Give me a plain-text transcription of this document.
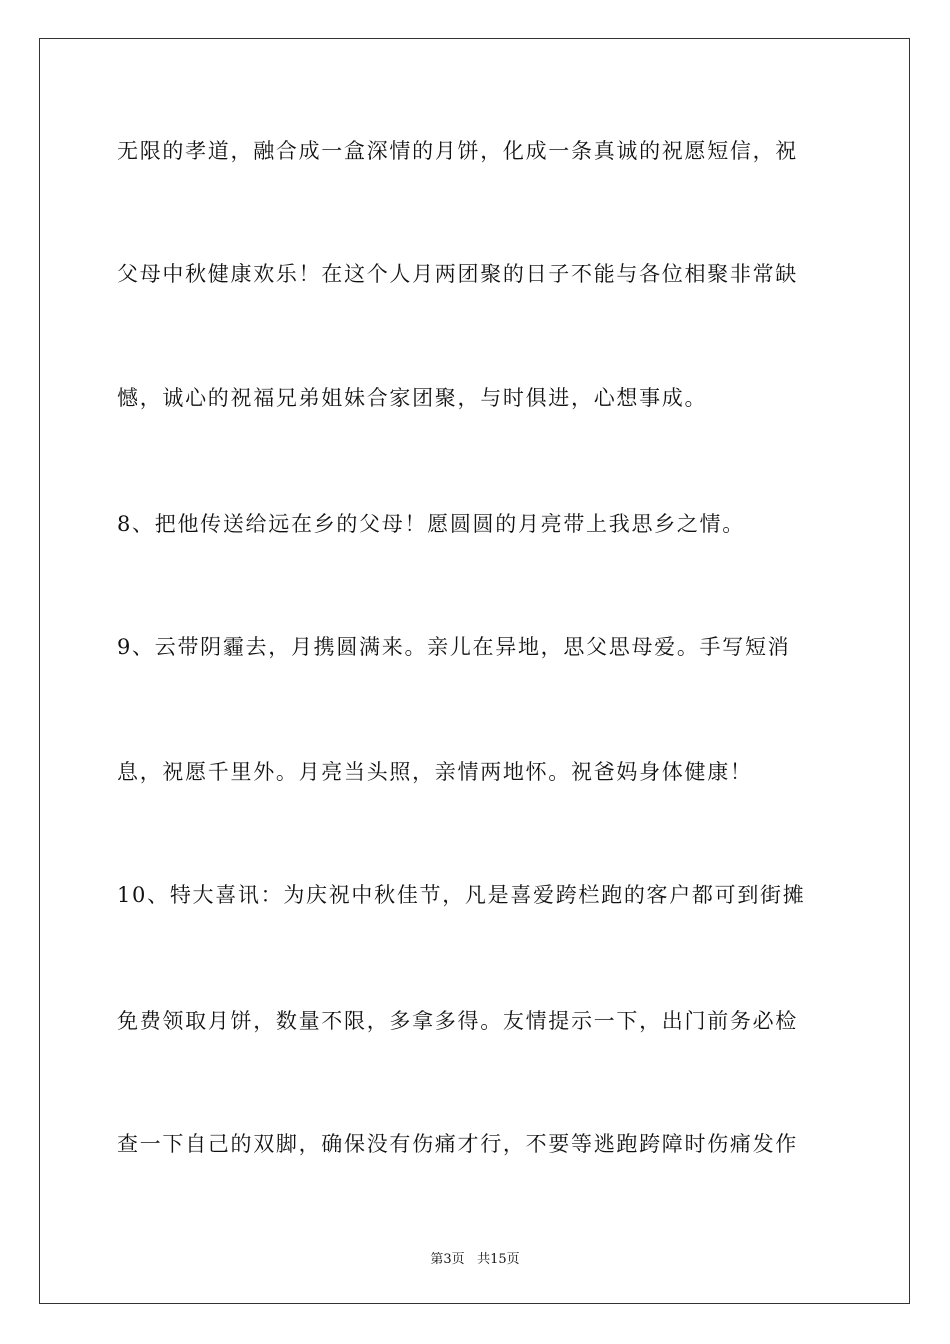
无限的孝道，融合成一盒深情的月饼，化成一条真诚的祝愿短信，祝
父母中秋健康欢乐！在这个人月两团聚的日子不能与各位相聚非常缺
憾，诚心的祝福兄弟姐妹合家团聚，与时俱进，心想事成。
8、把他传送给远在乡的父母！愿圆圆的月亮带上我思乡之情。
9、云带阴霾去，月携圆满来。亲儿在异地，思父思母爱。手写短消
息，祝愿千里外。月亮当头照，亲情两地怀。祝爸妈身体健康！
10、特大喜讯：为庆祝中秋佳节，凡是喜爱跨栏跑的客户都可到街摊
免费领取月饼，数量不限，多拿多得。友情提示一下，出门前务必检
查一下自己的双脚，确保没有伤痛才行，不要等逃跑跨障时伤痛发作
第3页 共15页
